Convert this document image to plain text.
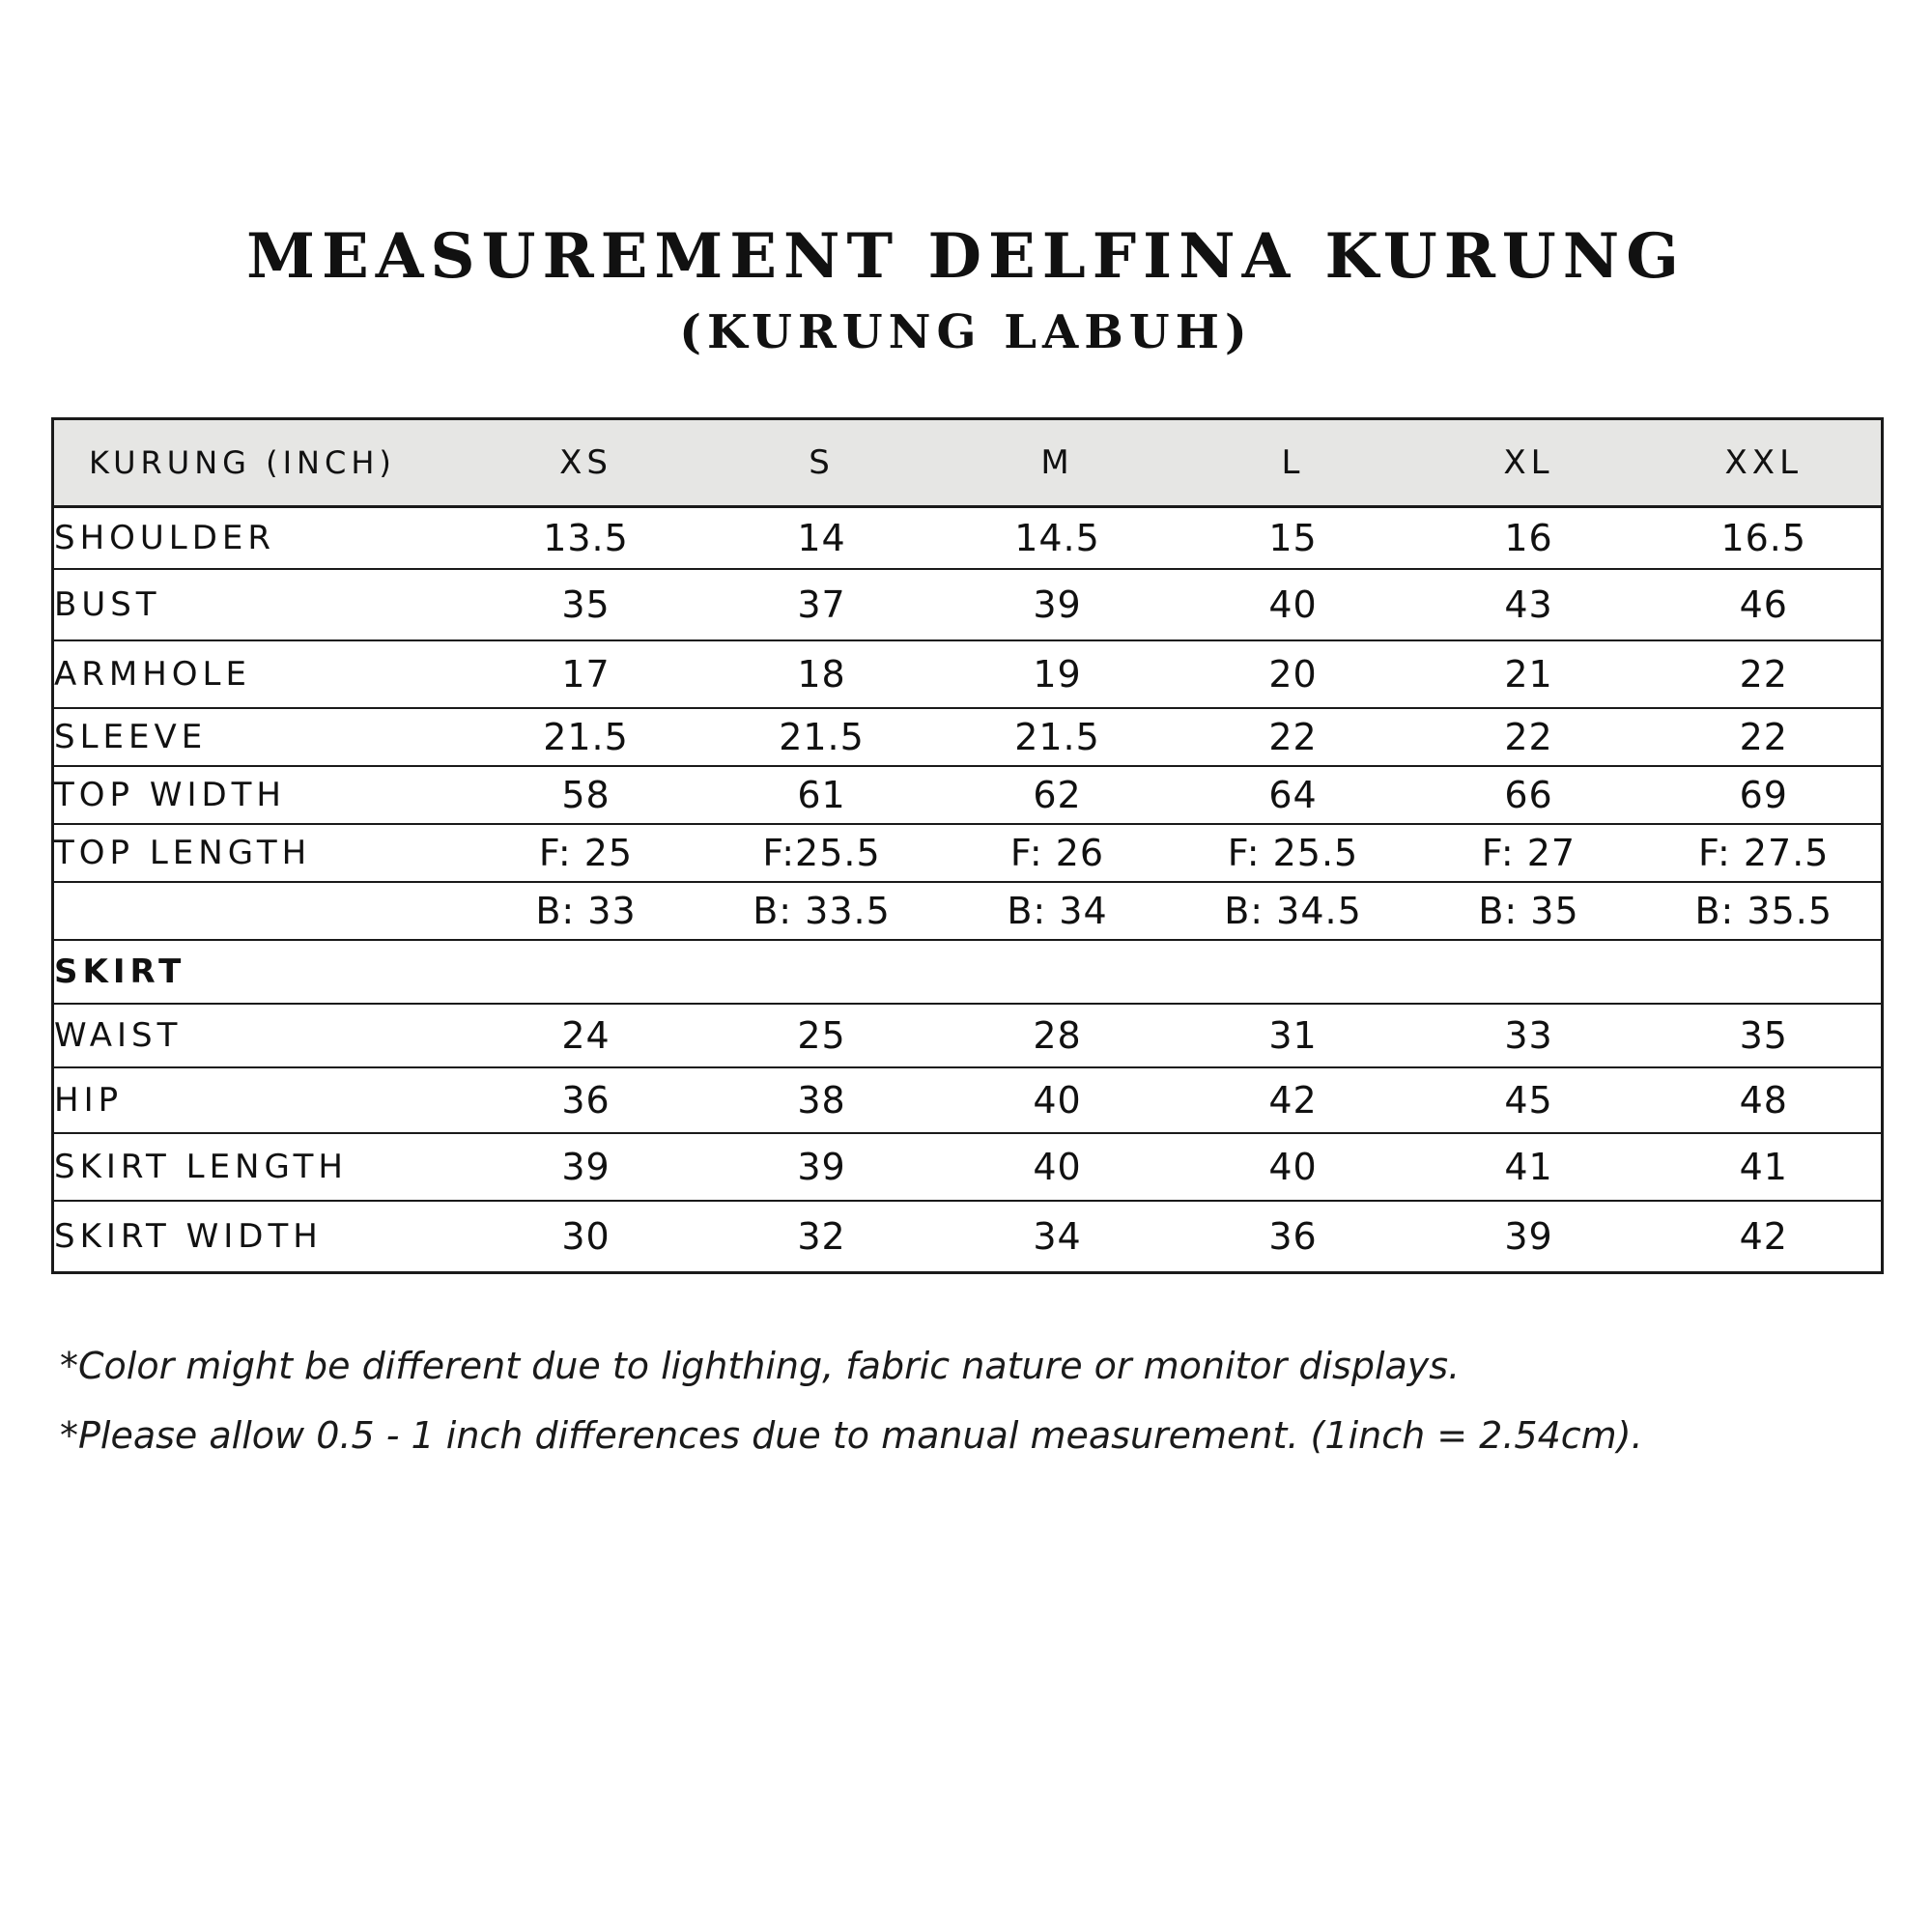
MEASUREMENT DELFINA KURUNG
(KURUNG LABUH)
KURUNG (INCH)	XS	S	M	L	XL	XXL
SHOULDER	13.5	14	14.5	15	16	16.5
BUST	35	37	39	40	43	46
ARMHOLE	17	18	19	20	21	22
SLEEVE	21.5	21.5	21.5	22	22	22
TOP WIDTH	58	61	62	64	66	69
TOP LENGTH	F: 25	F:25.5	F: 26	F: 25.5	F: 27	F: 27.5
	B: 33	B: 33.5	B: 34	B: 34.5	B: 35	B: 35.5
SKIRT						
WAIST	24	25	28	31	33	35
HIP	36	38	40	42	45	48
SKIRT LENGTH	39	39	40	40	41	41
SKIRT WIDTH	30	32	34	36	39	42
*Color might be different due to lighthing, fabric nature or monitor displays.
*Please allow 0.5 - 1 inch differences due to manual measurement. (1inch = 2.54cm).
